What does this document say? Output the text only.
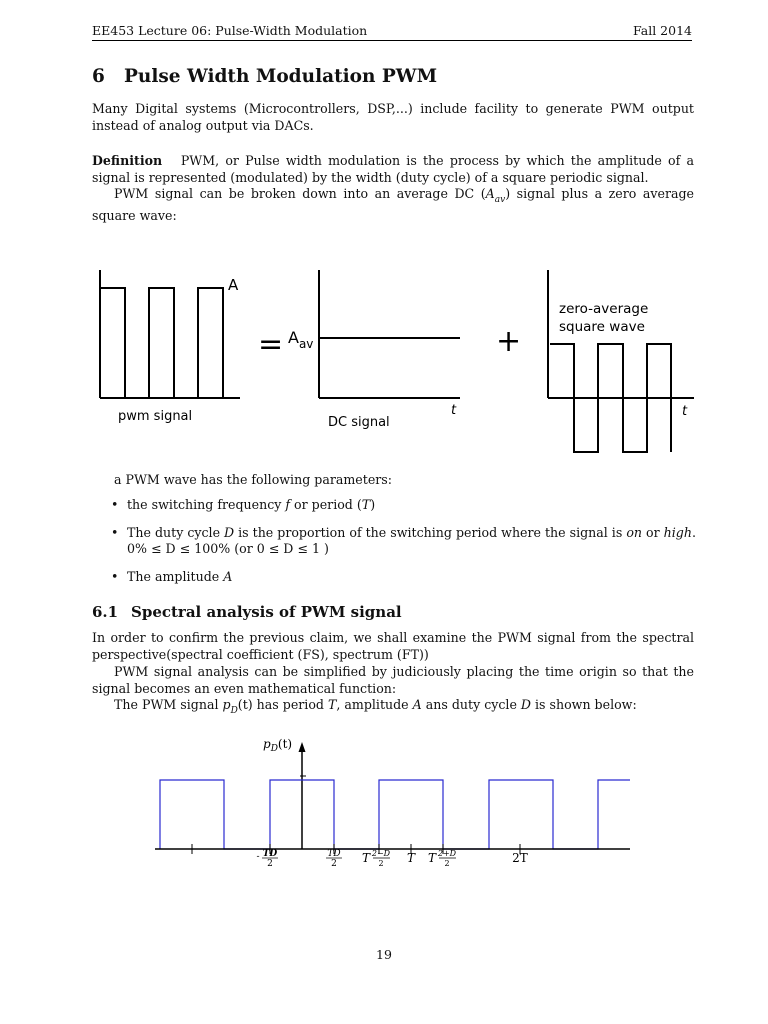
EE453 Lecture 06: Pulse-Width Modulation	Fall 2014
6 Pulse Width Modulation PWM

Many Digital systems (Microcontrollers, DSP,...) include facility to generate PWM output instead of analog output via DACs.

Definition PWM, or Pulse width modulation is the process by which the amplitude of a signal is represented (modulated) by the width (duty cycle) of a square periodic signal.

PWM signal can be broken down into an average DC $(A_{av})$ signal plus a zero average square wave:

A
= $A_{av}$	+
zero-average
square wave
t	t
pwm signal	DC signal

a PWM wave has the following parameters:

• the switching frequency f or period (T)
• The duty cycle D is the proportion of the switching period where the signal is on or high.
0% ≤ D ≤ 100% (or 0 ≤ D ≤ 1 )
• The amplitude A
6.1 Spectral analysis of PWM signal

In order to confirm the previous claim, we shall examine the PWM signal from the spectral perspective(spectral coefficient (FS), spectrum (FT))

PWM signal analysis can be simplified by judiciously placing the time origin so that the signal becomes an even mathematical function:

The PWM signal $p_D(t)$ has period T, amplitude A ans duty cycle D is shown below:

$p_D(t)$
- TD
2
TD
2 T 2−D
2 T T 2+D
2	2T
19
